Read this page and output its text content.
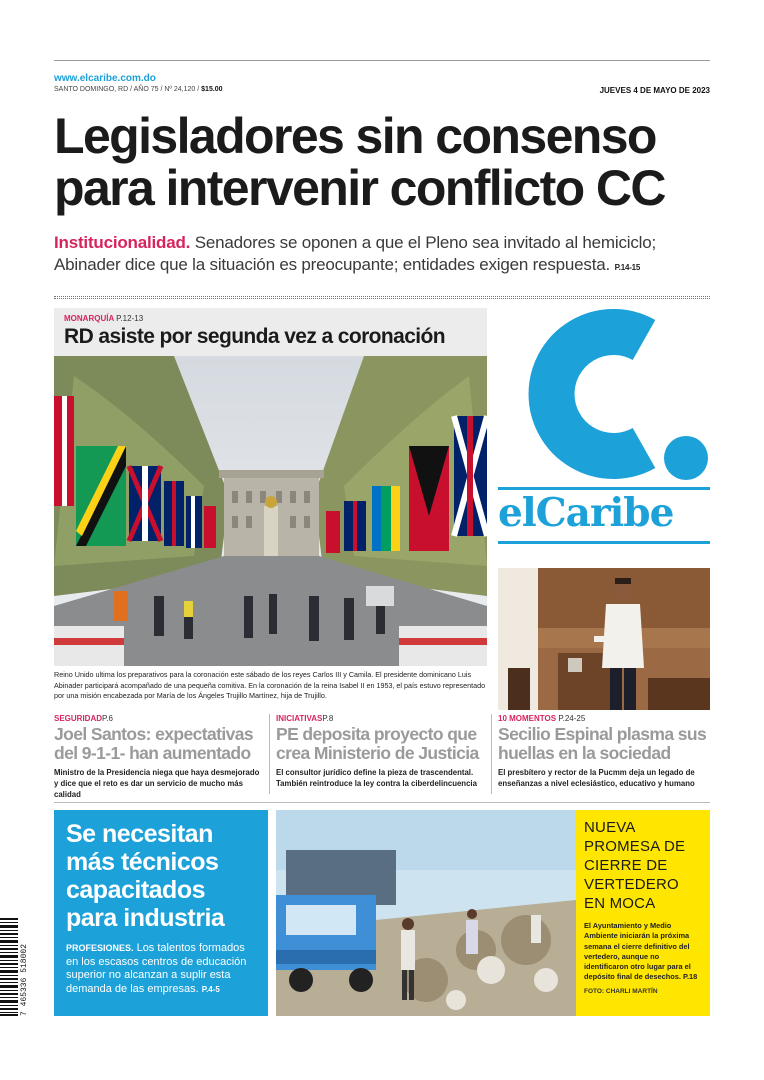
www.elcaribe.com.do
SANTO DOMINGO, RD / AÑO 75 / Nº 24,120 / $15.00	JUEVES 4 DE MAYO DE 2023
Legisladores sin consenso
para intervenir conflicto CC
Institucionalidad. Senadores se oponen a que el Pleno sea invitado al hemiciclo; Abinader dice que la situación es preocupante; entidades exigen respuesta. P.14-15
MONARQUÍA P.12-13
RD asiste por segunda vez a coronación
Reino Unido ultima los preparativos para la coronación este sábado de los reyes Carlos III y Camila. El presidente dominicano Luis Abinader participará acompañado de una pequeña comitiva. En la coronación de la reina Isabel II en 1953, el país estuvo representado por una misión encabezada por María de los Ángeles Trujillo Martínez, hija de Trujillo.
elCaribe
SEGURIDADP.6
Joel Santos: expectativas del 9-1-1- han aumentado
Ministro de la Presidencia niega que haya desmejorado y dice que el reto es dar un servicio de mucho más calidad
INICIATIVASP.8
PE deposita proyecto que crea Ministerio de Justicia
El consultor jurídico define la pieza de trascendental. También reintroduce la ley contra la ciberdelincuencia
10 MOMENTOS P.24-25
Secilio Espinal plasma sus huellas en la sociedad
El presbítero y rector de la Pucmm deja un legado de enseñanzas a nivel eclesiástico, educativo y humano
Se necesitan más técnicos capacitados para industria
PROFESIONES. Los talentos formados en los escasos centros de educación superior no alcanzan a suplir esta demanda de las empresas. P.4-5
NUEVA PROMESA DE CIERRE DE VERTEDERO EN MOCA
El Ayuntamiento y Medio Ambiente iniciarán la próxima semana el cierre definitivo del vertedero, aunque no identificaron otro lugar para el depósito final de desechos. P.18
FOTO: CHARLI MARTÍN
7 465336 518002
